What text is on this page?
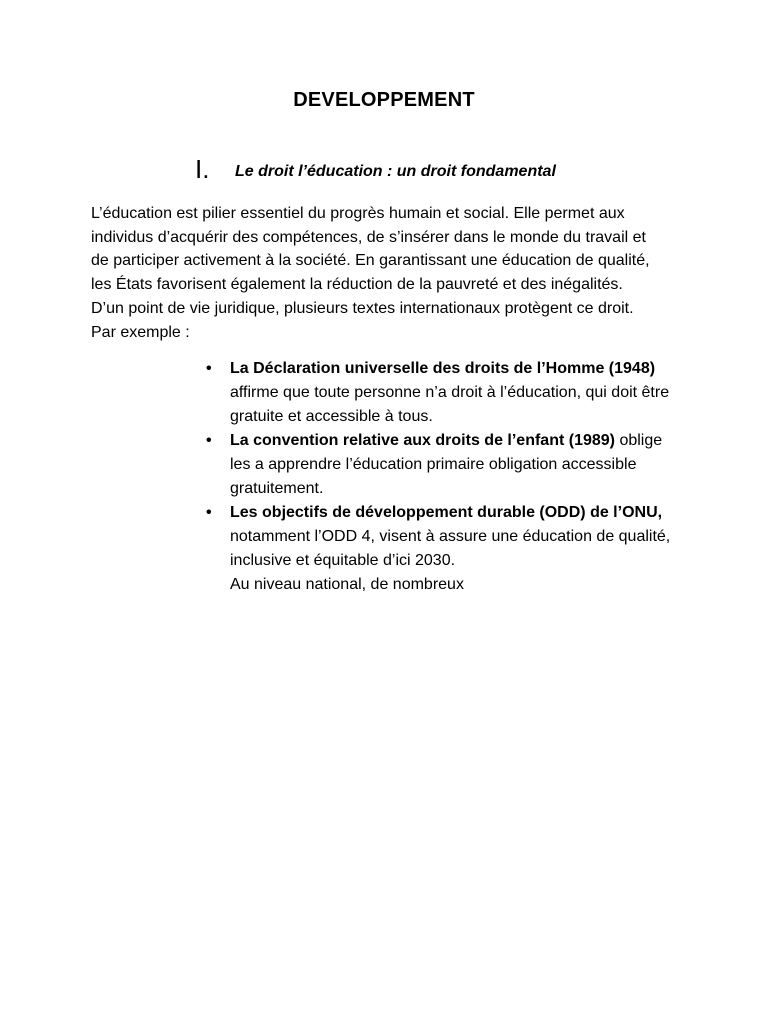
DEVELOPPEMENT
I. Le droit l’éducation : un droit fondamental
L’éducation est pilier essentiel du progrès humain et social. Elle permet aux
individus d’acquérir des compétences, de s’insérer dans le monde du travail et
de participer activement à la société. En garantissant une éducation de qualité,
les États favorisent également la réduction de la pauvreté et des inégalités.
D’un point de vie juridique, plusieurs textes internationaux protègent ce droit.
Par exemple :
• La Déclaration universelle des droits de l’Homme (1948) affirme que toute personne n’a droit à l’éducation, qui doit être gratuite et accessible à tous.
• La convention relative aux droits de l’enfant (1989) oblige les a apprendre l’éducation primaire obligation accessible gratuitement.
• Les objectifs de développement durable (ODD) de l’ONU, notamment l’ODD 4, visent à assure une éducation de qualité, inclusive et équitable d’ici 2030.
Au niveau national, de nombreux
